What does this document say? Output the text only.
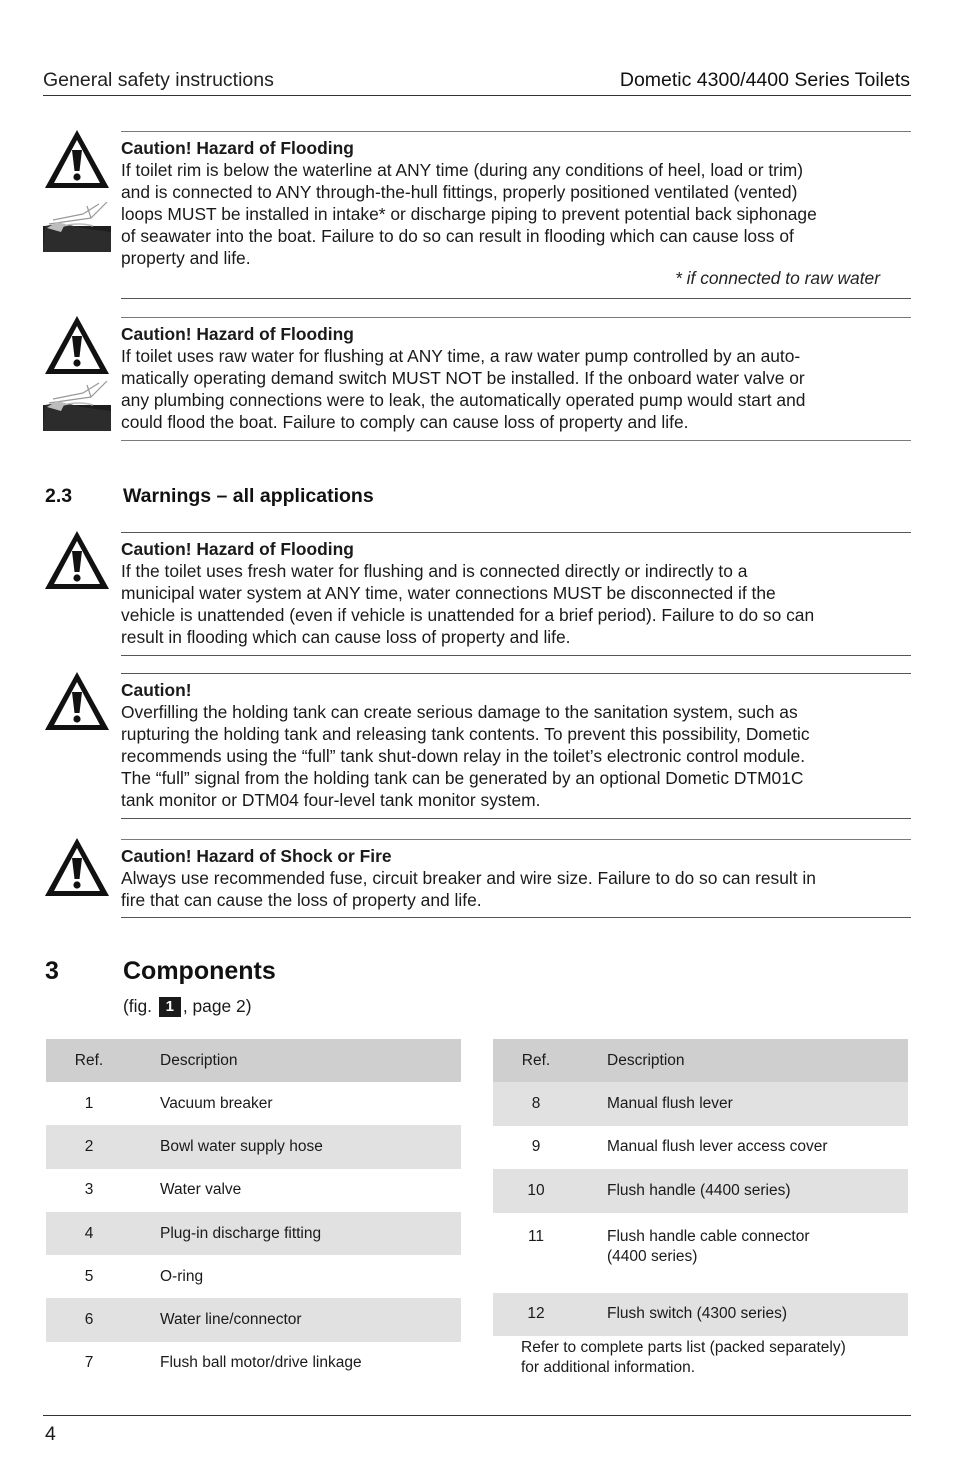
General safety instructions	Dometic 4300/4400 Series Toilets
Caution! Hazard of Flooding
If toilet rim is below the waterline at ANY time (during any conditions of heel, load or trim)
and is connected to ANY through-the-hull fittings, properly positioned ventilated (vented)
loops MUST be installed in intake* or discharge piping to prevent potential back siphonage
of seawater into the boat. Failure to do so can result in flooding which can cause loss of
property and life.
* if connected to raw water
Caution! Hazard of Flooding
If toilet uses raw water for flushing at ANY time, a raw water pump controlled by an auto-
matically operating demand switch MUST NOT be installed. If the onboard water valve or
any plumbing connections were to leak, the automatically operated pump would start and
could flood the boat. Failure to comply can cause loss of property and life.
2.3	Warnings – all applications
Caution! Hazard of Flooding
If the toilet uses fresh water for flushing and is connected directly or indirectly to a
municipal water system at ANY time, water connections MUST be disconnected if the
vehicle is unattended (even if vehicle is unattended for a brief period). Failure to do so can
result in flooding which can cause loss of property and life.
Caution!
Overfilling the holding tank can create serious damage to the sanitation system, such as
rupturing the holding tank and releasing tank contents. To prevent this possibility, Dometic
recommends using the “full” tank shut-down relay in the toilet’s electronic control module.
The “full” signal from the holding tank can be generated by an optional Dometic DTM01C
tank monitor or DTM04 four-level tank monitor system.
Caution! Hazard of Shock or Fire
Always use recommended fuse, circuit breaker and wire size. Failure to do so can result in
fire that can cause the loss of property and life.
3	Components
(fig. 1 , page 2)
Ref.	Description
1	Vacuum breaker
2	Bowl water supply hose
3	Water valve
4	Plug-in discharge fitting
5	O-ring
6	Water line/connector
7	Flush ball motor/drive linkage
Ref.	Description
8	Manual flush lever
9	Manual flush lever access cover
10	Flush handle (4400 series)

11	Flush handle cable connector
(4400 series)

12	Flush switch (4300 series)
Refer to complete parts list (packed separately)
for additional information.
4
